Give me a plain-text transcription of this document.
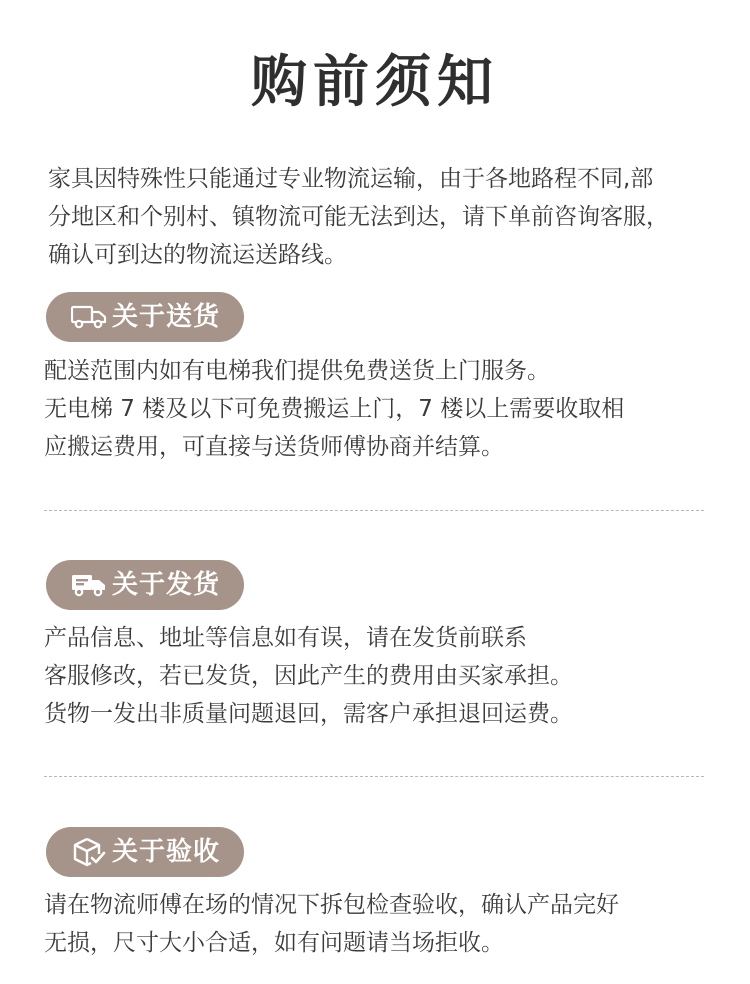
购前须知

家具因特殊性只能通过专业物流运输，由于各地路程不同,部

分地区和个别村、镇物流可能无法到达，请下单前咨询客服，

确认可到达的物流运送路线。

关于送货

配送范围内如有电梯我们提供免费送货上门服务。

无电梯 7 楼及以下可免费搬运上门，7 楼以上需要收取相

应搬运费用，可直接与送货师傅协商并结算。

关于发货

产品信息、地址等信息如有误，请在发货前联系

客服修改，若已发货，因此产生的费用由买家承担。

货物一发出非质量问题退回，需客户承担退回运费。

关于验收

请在物流师傅在场的情况下拆包检查验收，确认产品完好

无损，尺寸大小合适，如有问题请当场拒收。
